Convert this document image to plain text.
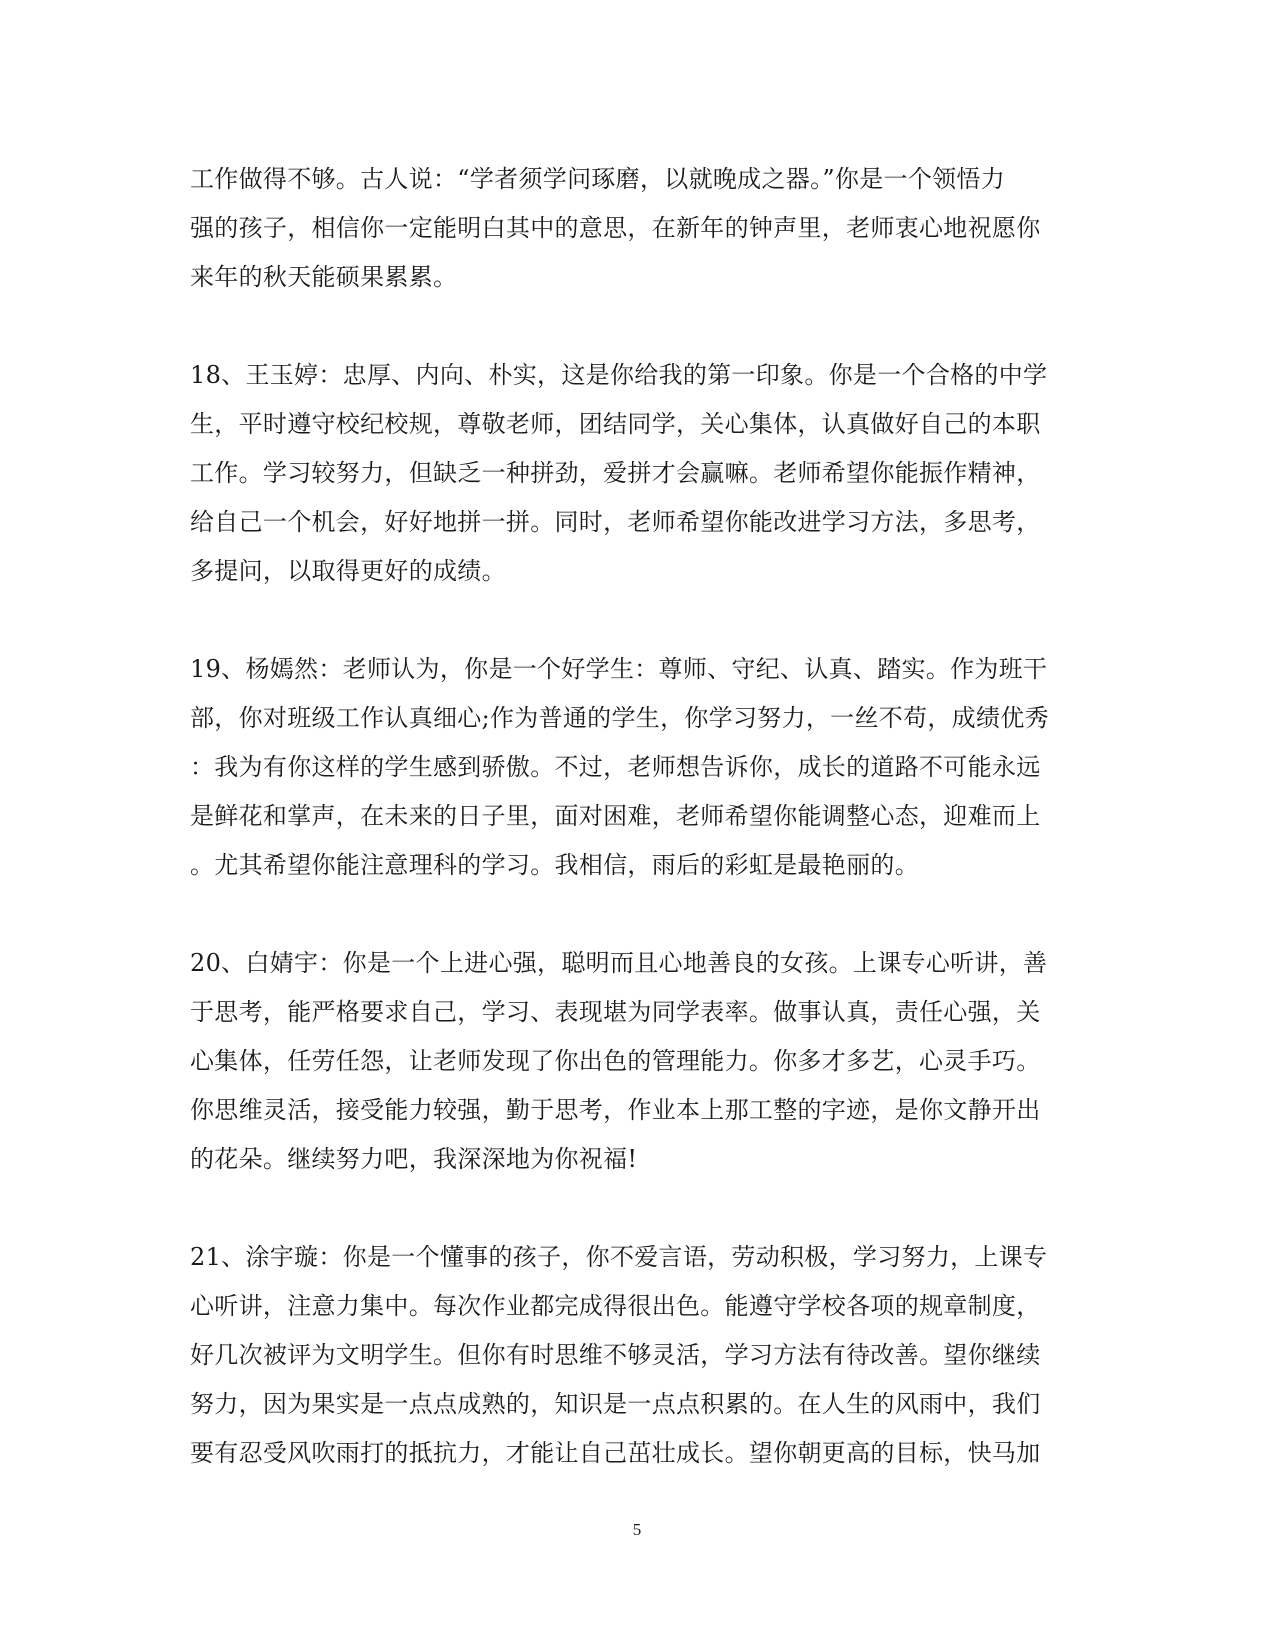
工作做得不够。古人说：“学者须学问琢磨，以就晚成之器。”你是一个领悟力
强的孩子，相信你一定能明白其中的意思，在新年的钟声里，老师衷心地祝愿你
来年的秋天能硕果累累。

18、王玉婷：忠厚、内向、朴实，这是你给我的第一印象。你是一个合格的中学
生，平时遵守校纪校规，尊敬老师，团结同学，关心集体，认真做好自己的本职
工作。学习较努力，但缺乏一种拼劲，爱拼才会赢嘛。老师希望你能振作精神，
给自己一个机会，好好地拼一拼。同时，老师希望你能改进学习方法，多思考，
多提问，以取得更好的成绩。

19、杨嫣然：老师认为，你是一个好学生：尊师、守纪、认真、踏实。作为班干
部，你对班级工作认真细心;作为普通的学生，你学习努力，一丝不苟，成绩优秀
：我为有你这样的学生感到骄傲。不过，老师想告诉你，成长的道路不可能永远
是鲜花和掌声，在未来的日子里，面对困难，老师希望你能调整心态，迎难而上
。尤其希望你能注意理科的学习。我相信，雨后的彩虹是最艳丽的。

20、白婧宇：你是一个上进心强，聪明而且心地善良的女孩。上课专心听讲，善
于思考，能严格要求自己，学习、表现堪为同学表率。做事认真，责任心强，关
心集体，任劳任怨，让老师发现了你出色的管理能力。你多才多艺，心灵手巧。
你思维灵活，接受能力较强，勤于思考，作业本上那工整的字迹，是你文静开出
的花朵。继续努力吧，我深深地为你祝福!

21、涂宇璇：你是一个懂事的孩子，你不爱言语，劳动积极，学习努力，上课专
心听讲，注意力集中。每次作业都完成得很出色。能遵守学校各项的规章制度，
好几次被评为文明学生。但你有时思维不够灵活，学习方法有待改善。望你继续
努力，因为果实是一点点成熟的，知识是一点点积累的。在人生的风雨中，我们
要有忍受风吹雨打的抵抗力，才能让自己茁壮成长。望你朝更高的目标，快马加

5
